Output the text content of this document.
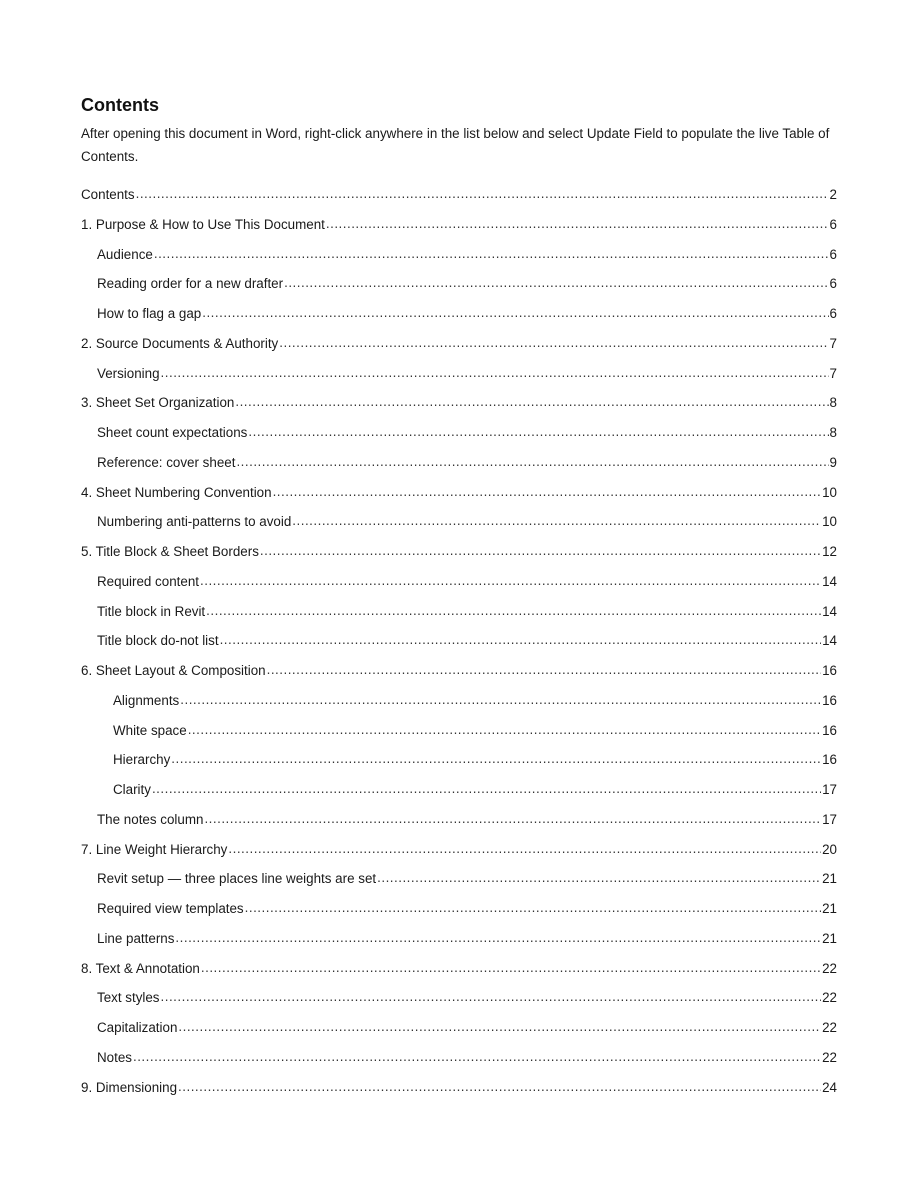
Contents

After opening this document in Word, right-click anywhere in the list below and select Update Field to populate the live Table of Contents.

Contents .....	2
1. Purpose & How to Use This Document .....	6
Audience .....	6
Reading order for a new drafter .....	6
How to flag a gap .....	6
2. Source Documents & Authority .....	7
Versioning .....	7
3. Sheet Set Organization .....	8
Sheet count expectations .....	8
Reference: cover sheet .....	9
4. Sheet Numbering Convention .....	10
Numbering anti-patterns to avoid .....	10
5. Title Block & Sheet Borders .....	12
Required content .....	14
Title block in Revit .....	14
Title block do-not list .....	14
6. Sheet Layout & Composition .....	16
Alignments .....	16
White space .....	16
Hierarchy .....	16
Clarity .....	17
The notes column .....	17
7. Line Weight Hierarchy .....	20
Revit setup — three places line weights are set .....	21
Required view templates .....	21
Line patterns .....	21
8. Text & Annotation .....	22
Text styles .....	22
Capitalization .....	22
Notes .....	22
9. Dimensioning .....	24
